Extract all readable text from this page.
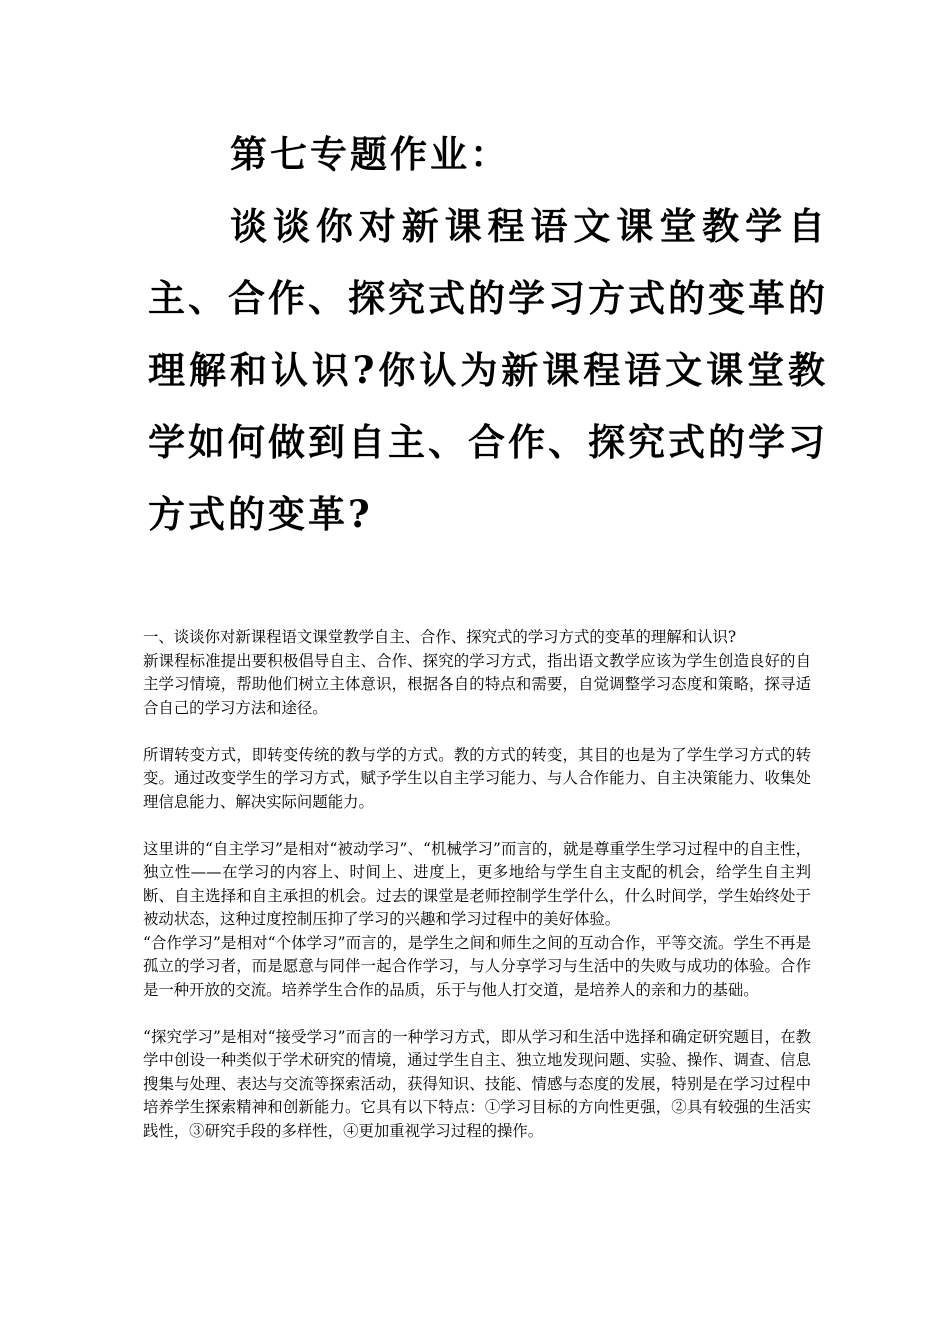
第七专题作业：

谈谈你对新课程语文课堂教学自主、合作、探究式的学习方式的变革的理解和认识?你认为新课程语文课堂教学如何做到自主、合作、探究式的学习方式的变革?

一、谈谈你对新课程语文课堂教学自主、合作、探究式的学习方式的变革的理解和认识?

新课程标准提出要积极倡导自主、合作、探究的学习方式，指出语文教学应该为学生创造良好的自主学习情境，帮助他们树立主体意识，根据各自的特点和需要，自觉调整学习态度和策略，探寻适合自己的学习方法和途径。

所谓转变方式，即转变传统的教与学的方式。教的方式的转变，其目的也是为了学生学习方式的转变。通过改变学生的学习方式，赋予学生以自主学习能力、与人合作能力、自主决策能力、收集处理信息能力、解决实际问题能力。

这里讲的“自主学习”是相对“被动学习”、“机械学习”而言的，就是尊重学生学习过程中的自主性，独立性——在学习的内容上、时间上、进度上，更多地给与学生自主支配的机会，给学生自主判断、自主选择和自主承担的机会。过去的课堂是老师控制学生学什么，什么时间学，学生始终处于被动状态，这种过度控制压抑了学习的兴趣和学习过程中的美好体验。

“合作学习”是相对“个体学习”而言的，是学生之间和师生之间的互动合作，平等交流。学生不再是孤立的学习者，而是愿意与同伴一起合作学习，与人分享学习与生活中的失败与成功的体验。合作是一种开放的交流。培养学生合作的品质，乐于与他人打交道，是培养人的亲和力的基础。

“探究学习”是相对“接受学习”而言的一种学习方式，即从学习和生活中选择和确定研究题目，在教学中创设一种类似于学术研究的情境，通过学生自主、独立地发现问题、实验、操作、调查、信息搜集与处理、表达与交流等探索活动，获得知识、技能、情感与态度的发展，特别是在学习过程中培养学生探索精神和创新能力。它具有以下特点：①学习目标的方向性更强，②具有较强的生活实践性，③研究手段的多样性，④更加重视学习过程的操作。
